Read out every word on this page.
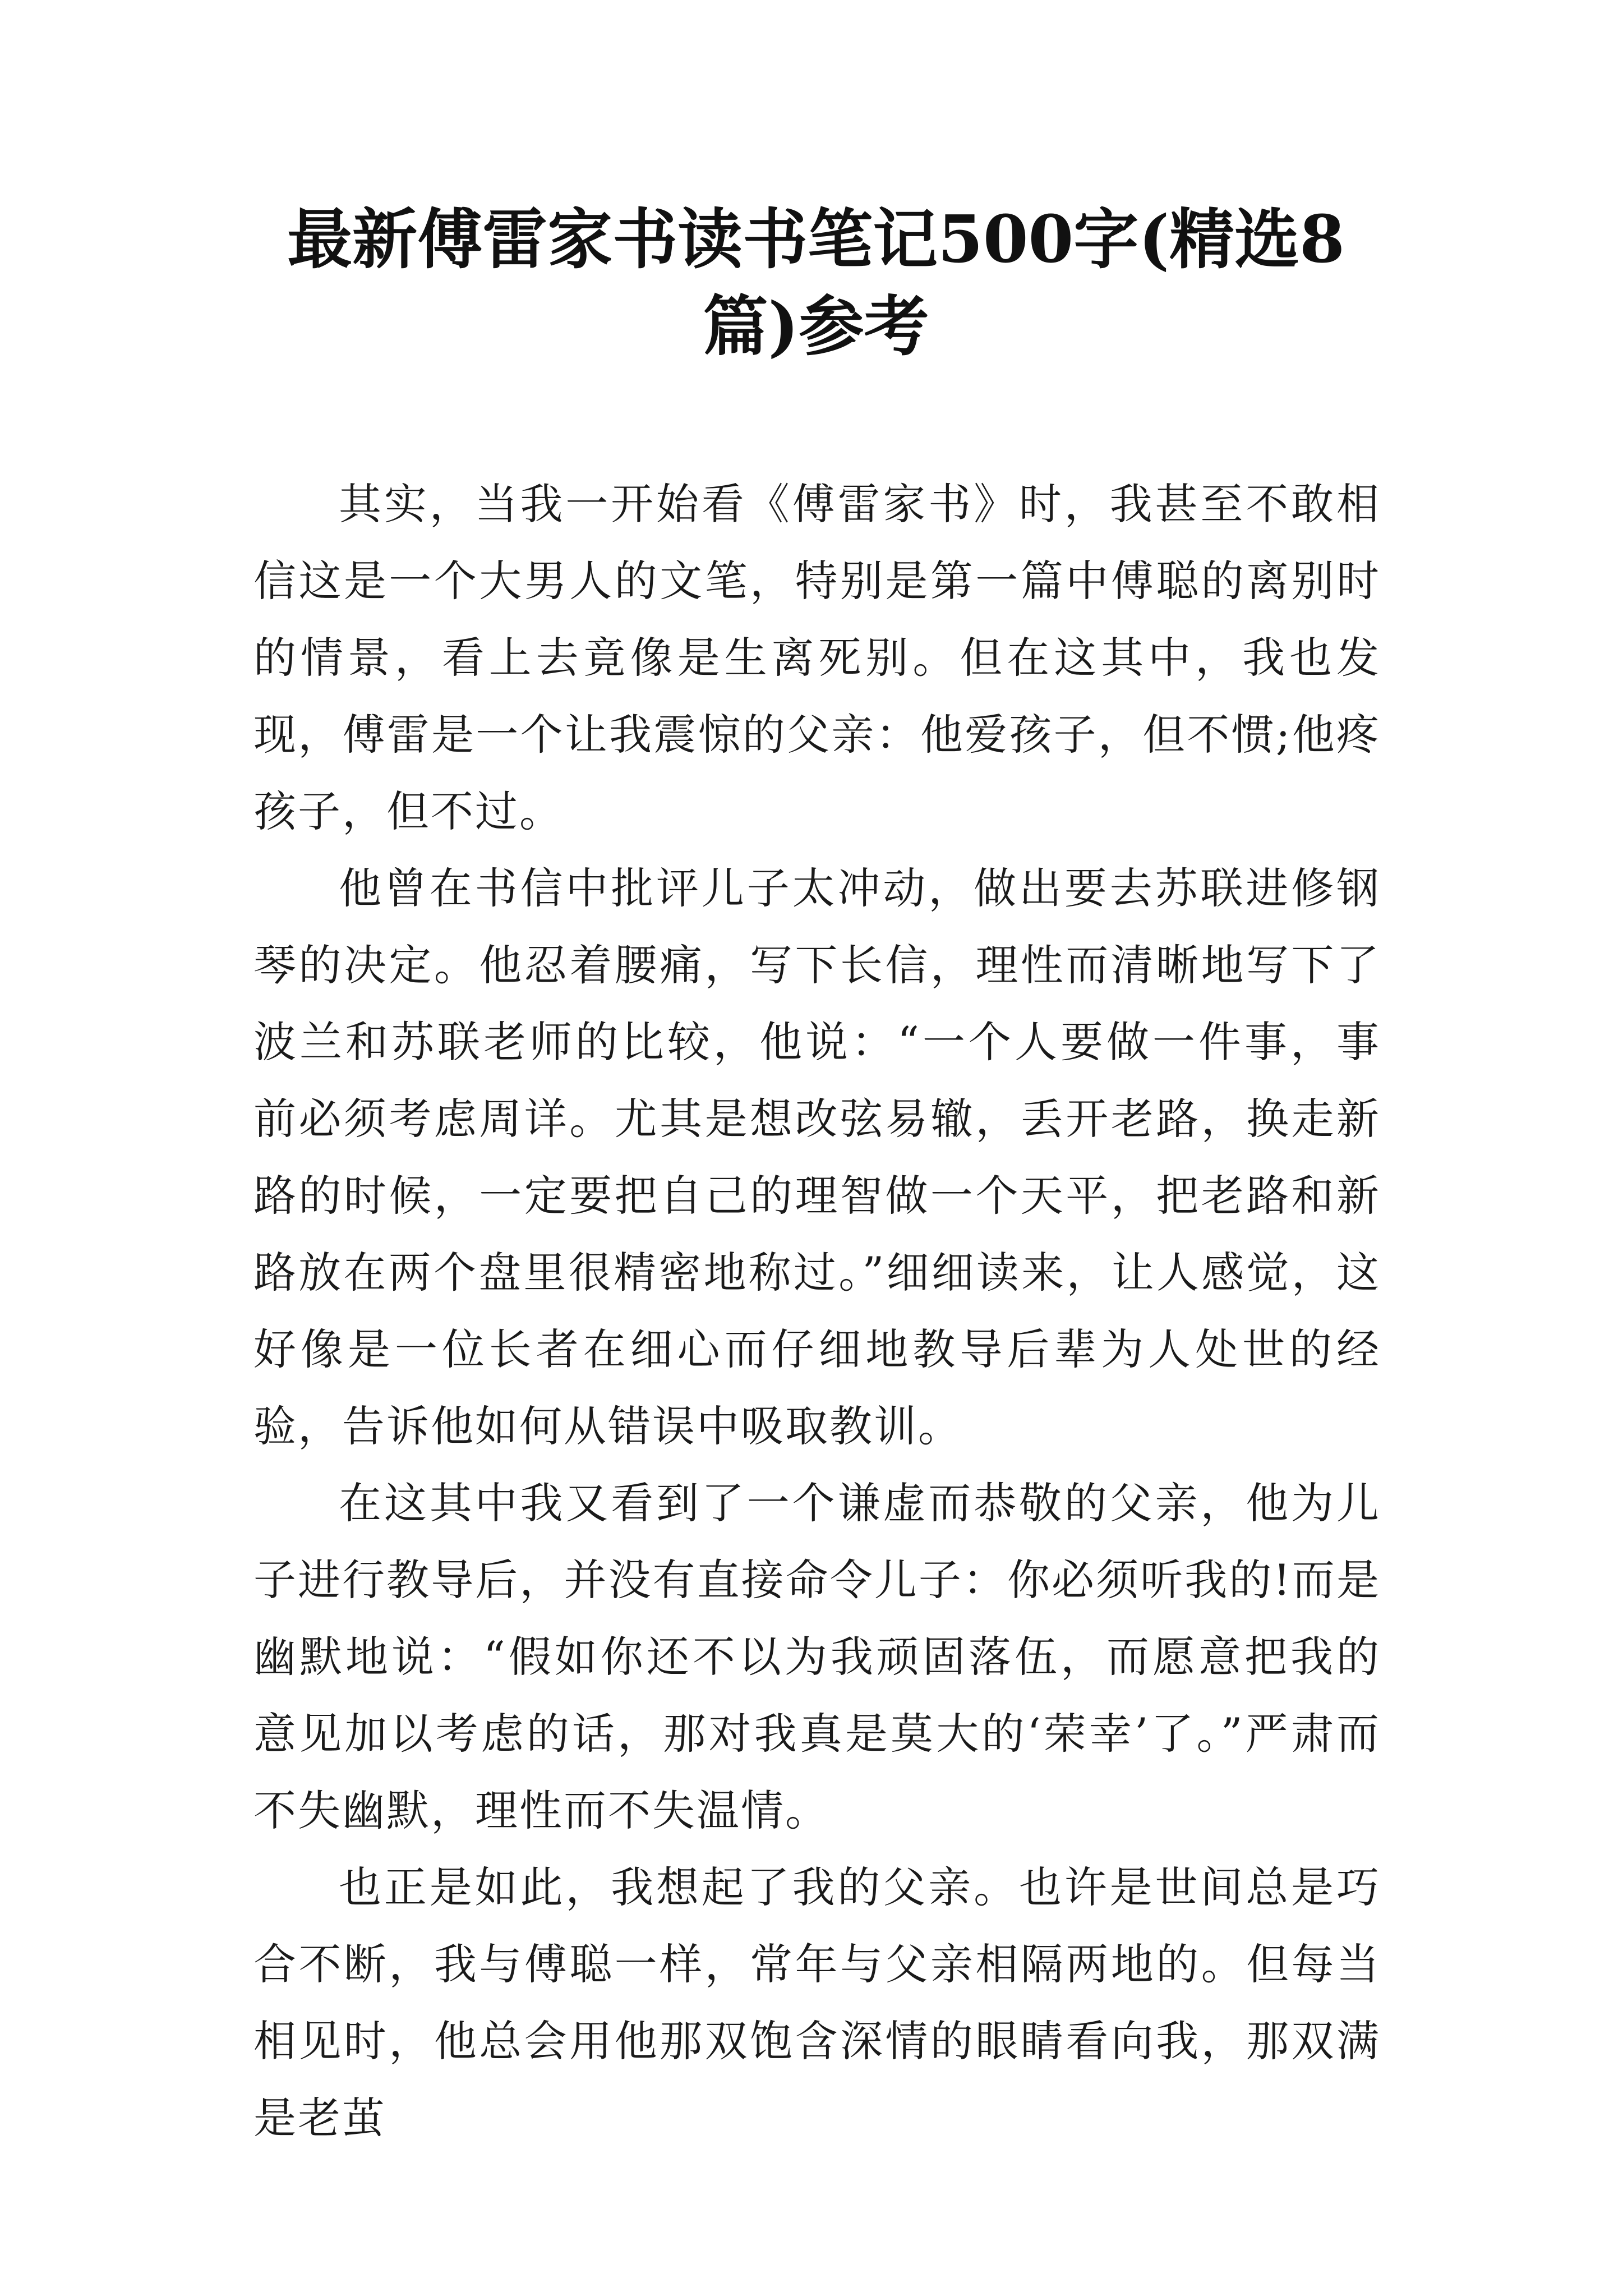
最新傅雷家书读书笔记500字(精选8篇)参考

其实，当我一开始看《傅雷家书》时，我甚至不敢相信这是一个大男人的文笔，特别是第一篇中傅聪的离别时的情景，看上去竟像是生离死别。但在这其中，我也发现，傅雷是一个让我震惊的父亲：他爱孩子，但不惯;他疼孩子，但不过。

他曾在书信中批评儿子太冲动，做出要去苏联进修钢琴的决定。他忍着腰痛，写下长信，理性而清晰地写下了波兰和苏联老师的比较，他说：“一个人要做一件事，事前必须考虑周详。尤其是想改弦易辙，丢开老路，换走新路的时候，一定要把自己的理智做一个天平，把老路和新路放在两个盘里很精密地称过。”细细读来，让人感觉，这好像是一位长者在细心而仔细地教导后辈为人处世的经验，告诉他如何从错误中吸取教训。

在这其中我又看到了一个谦虚而恭敬的父亲，他为儿子进行教导后，并没有直接命令儿子：你必须听我的!而是幽默地说：“假如你还不以为我顽固落伍，而愿意把我的意见加以考虑的话，那对我真是莫大的‘荣幸’了。”严肃而不失幽默，理性而不失温情。

也正是如此，我想起了我的父亲。也许是世间总是巧合不断，我与傅聪一样，常年与父亲相隔两地的。但每当相见时，他总会用他那双饱含深情的眼睛看向我，那双满是老茧
